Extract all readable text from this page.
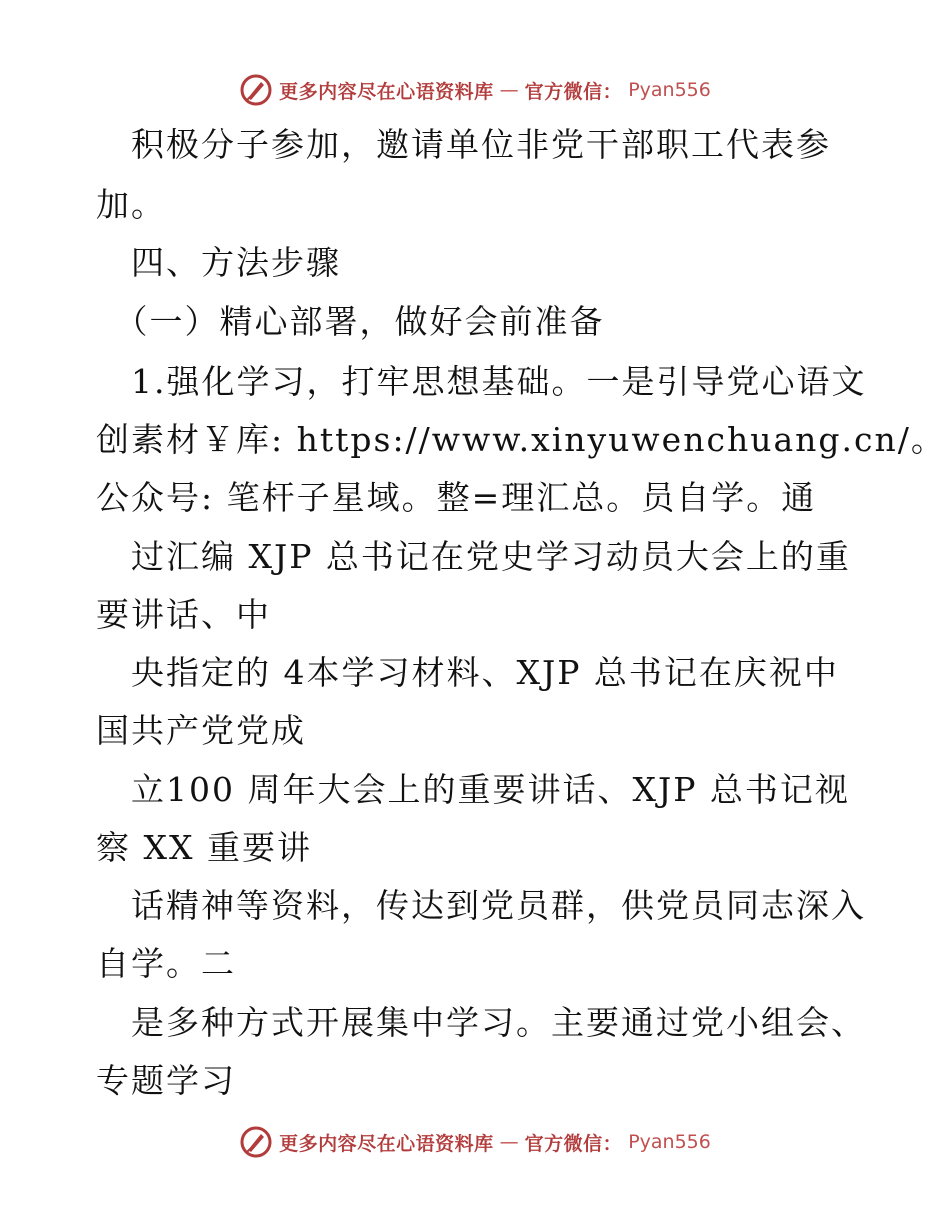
更多内容尽在心语资料库 — 官方微信： Pyan556
　积极分子参加，邀请单位非党干部职工代表参
加。
　四、方法步骤
　（一）精心部署，做好会前准备
　1.强化学习，打牢思想基础。一是引导党心语文
创素材￥库: https://www.xinyuwenchuang.cn/。
公众号: 笔杆子星域。整=理汇总。员自学。通
　过汇编 XJP 总书记在党史学习动员大会上的重
要讲话、中
　央指定的 4本学习材料、XJP 总书记在庆祝中
国共产党党成
　立100 周年大会上的重要讲话、XJP 总书记视
察 XX 重要讲
　话精神等资料，传达到党员群，供党员同志深入
自学。二
　是多种方式开展集中学习。主要通过党小组会、
专题学习
更多内容尽在心语资料库 — 官方微信： Pyan556
